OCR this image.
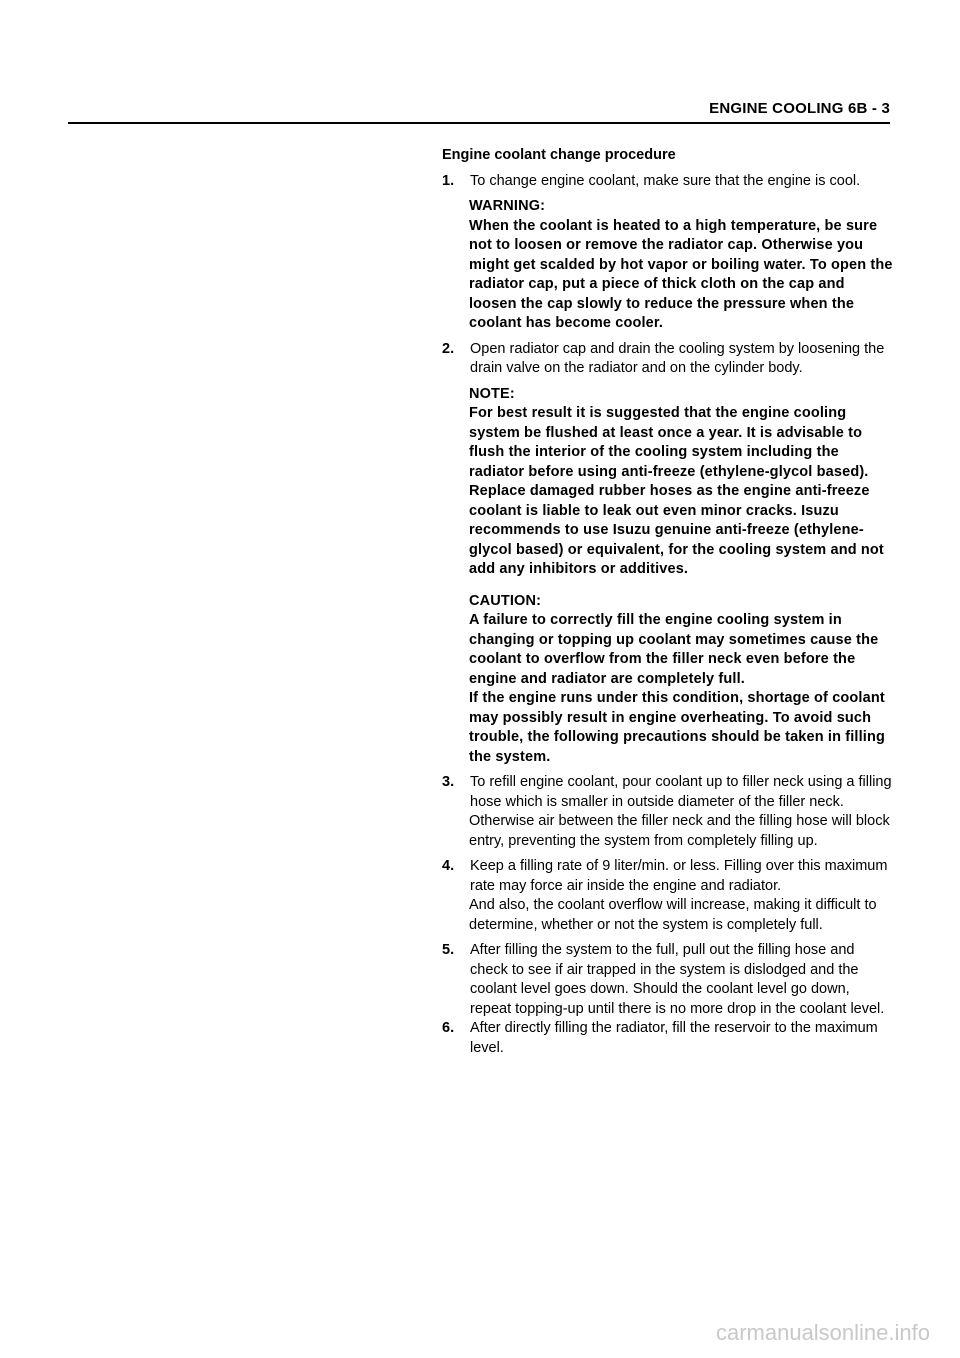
ENGINE COOLING 6B - 3
Engine coolant change procedure
1. To change engine coolant, make sure that the engine is cool.
WARNING:
When the coolant is heated to a high temperature, be sure not to loosen or remove the radiator cap. Otherwise you might get scalded by hot vapor or boiling water. To open the radiator cap, put a piece of thick cloth on the cap and loosen the cap slowly to reduce the pressure when the coolant has become cooler.
2. Open radiator cap and drain the cooling system by loosening the drain valve on the radiator and on the cylinder body.
NOTE:
For best result it is suggested that the engine cooling system be flushed at least once a year. It is advisable to flush the interior of the cooling system including the radiator before using anti-freeze (ethylene-glycol based).
Replace damaged rubber hoses as the engine anti-freeze coolant is liable to leak out even minor cracks. Isuzu recommends to use Isuzu genuine anti-freeze (ethylene-glycol based) or equivalent, for the cooling system and not add any inhibitors or additives.
CAUTION:
A failure to correctly fill the engine cooling system in changing or topping up coolant may sometimes cause the coolant to overflow from the filler neck even before the engine and radiator are completely full.
If the engine runs under this condition, shortage of coolant may possibly result in engine overheating. To avoid such trouble, the following precautions should be taken in filling the system.
3. To refill engine coolant, pour coolant up to filler neck using a filling hose which is smaller in outside diameter of the filler neck.
Otherwise air between the filler neck and the filling hose will block entry, preventing the system from completely filling up.
4. Keep a filling rate of 9 liter/min. or less. Filling over this maximum rate may force air inside the engine and radiator.
And also, the coolant overflow will increase, making it difficult to determine, whether or not the system is completely full.
5. After filling the system to the full, pull out the filling hose and check to see if air trapped in the system is dislodged and the coolant level goes down. Should the coolant level go down, repeat topping-up until there is no more drop in the coolant level.
6. After directly filling the radiator, fill the reservoir to the maximum level.
carmanualsonline.info
